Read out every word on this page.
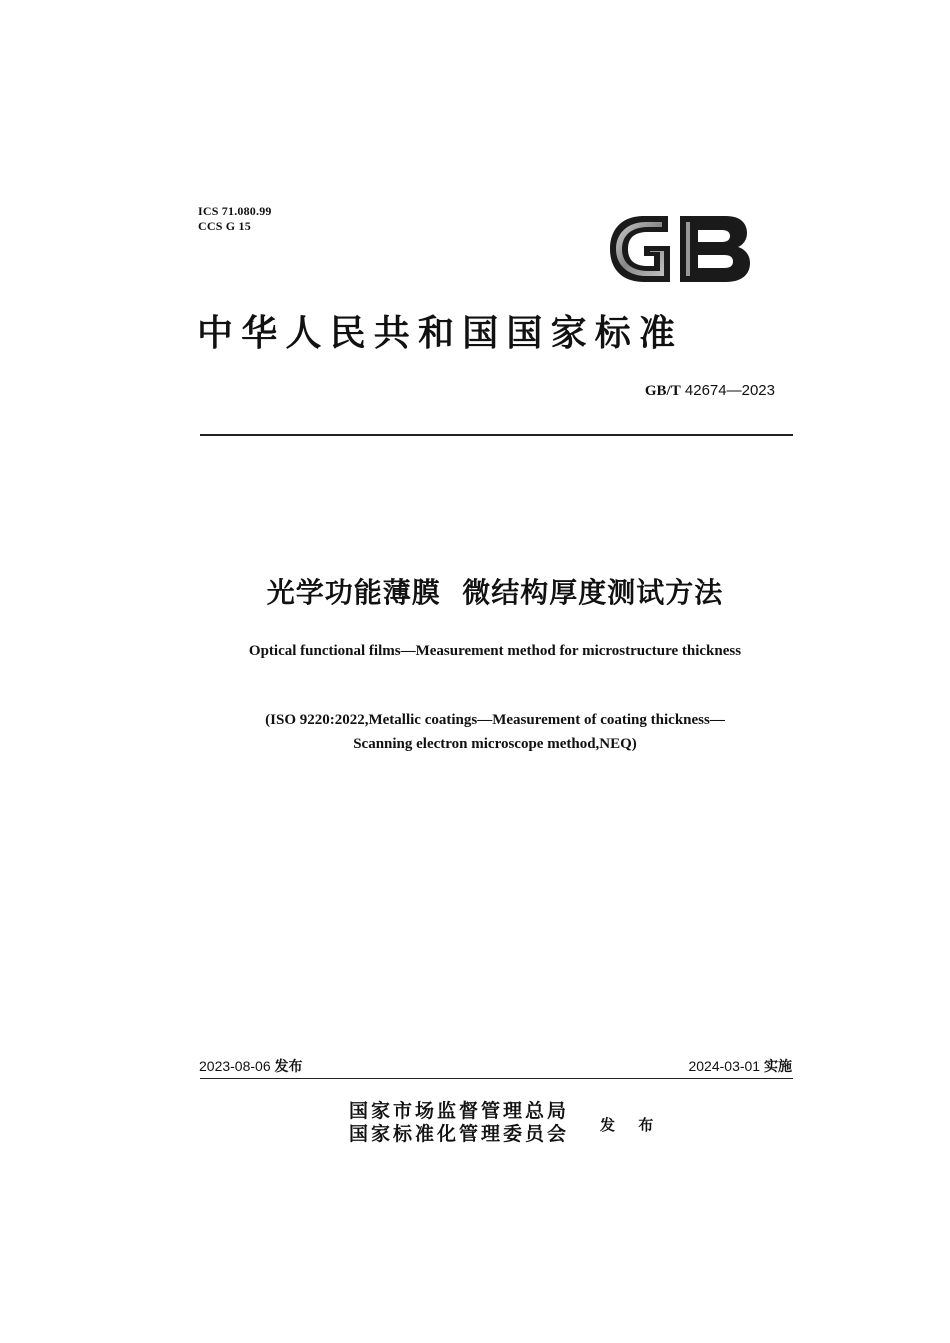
ICS 71.080.99
CCS G 15
中华人民共和国国家标准
GB/T 42674—2023
光学功能薄膜  微结构厚度测试方法
Optical functional films—Measurement method for microstructure thickness
(ISO 9220:2022,Metallic coatings—Measurement of coating thickness—
Scanning electron microscope method,NEQ)
2023-08-06 发布	2024-03-01 实施
国家市场监督管理总局
国家标准化管理委员会 发 布
